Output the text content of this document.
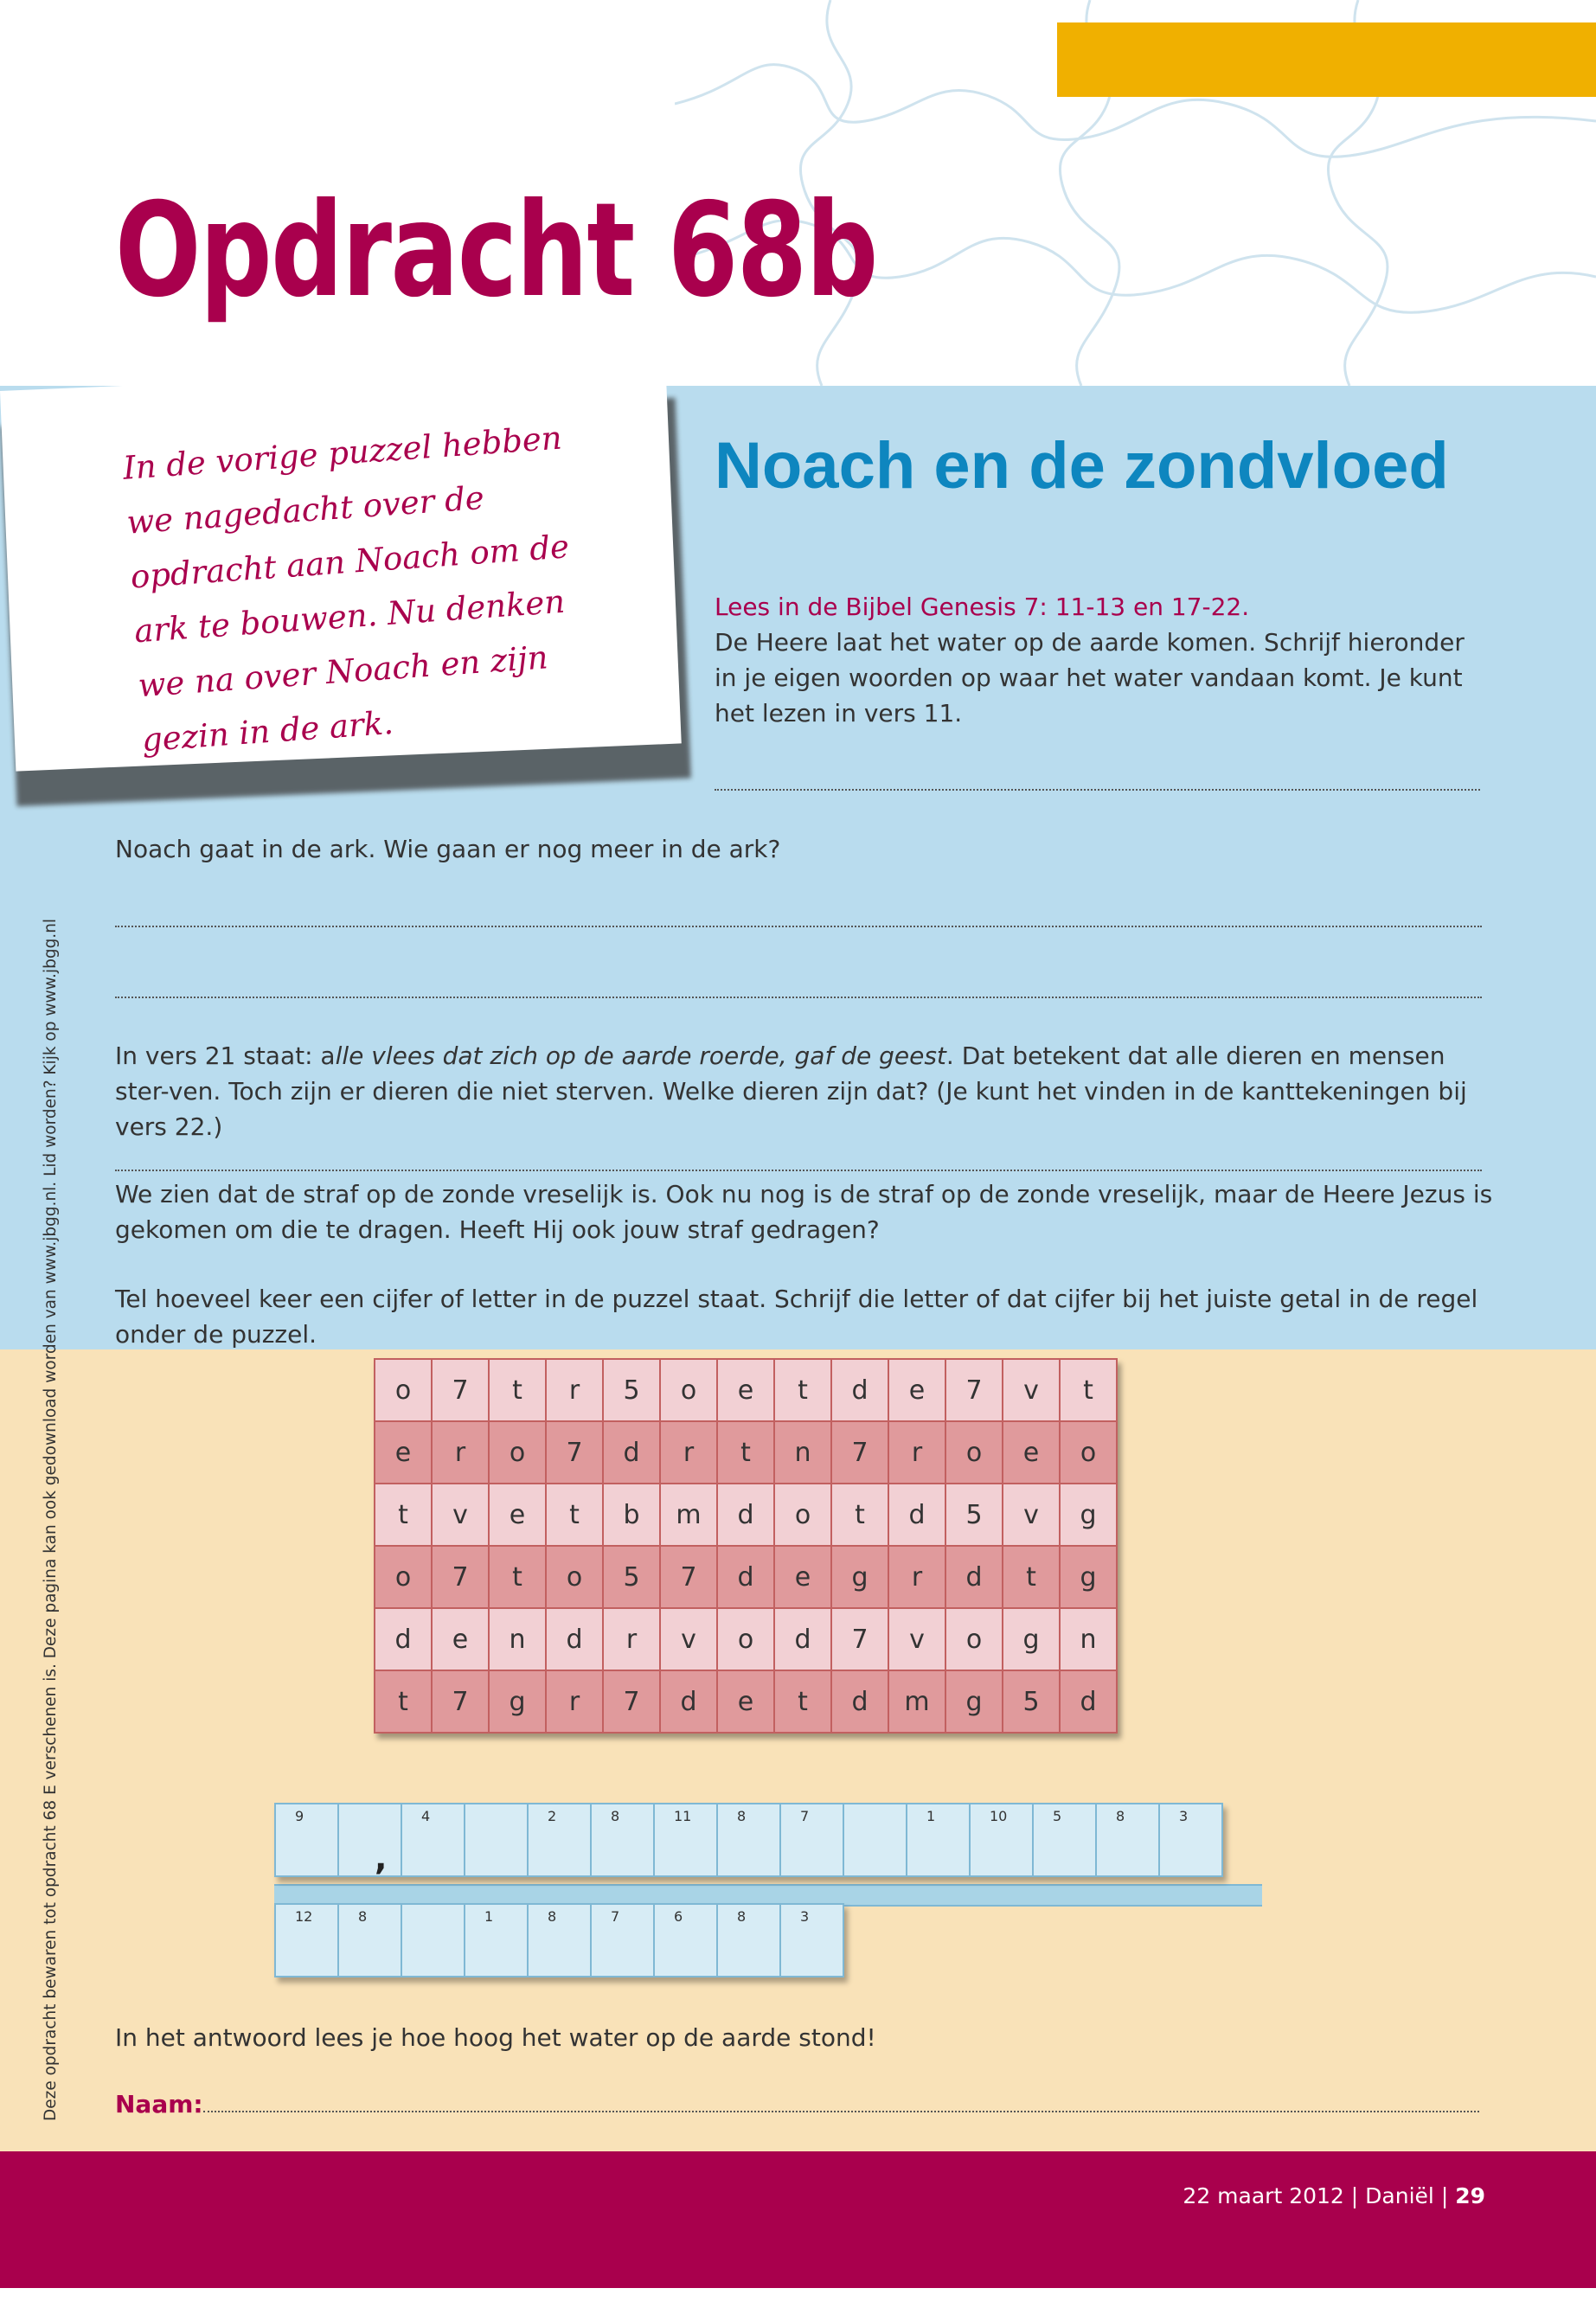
Opdracht 68b

In de vorige puzzel hebben we nagedacht over de opdracht aan Noach om de ark te bouwen. Nu denken we na over Noach en zijn gezin in de ark.

Noach en de zondvloed

Lees in de Bijbel Genesis 7: 11-13 en 17-22.

De Heere laat het water op de aarde komen. Schrijf hieronder in je eigen woorden op waar het water vandaan komt. Je kunt het lezen in vers 11.

Noach gaat in de ark. Wie gaan er nog meer in de ark?

In vers 21 staat: alle vlees dat zich op de aarde roerde, gaf de geest. Dat betekent dat alle dieren en mensen ster-ven. Toch zijn er dieren die niet sterven. Welke dieren zijn dat? (Je kunt het vinden in de kanttekeningen bij vers 22.)

We zien dat de straf op de zonde vreselijk is. Ook nu nog is de straf op de zonde vreselijk, maar de Heere Jezus is gekomen om die te dragen. Heeft Hij ook jouw straf gedragen?

Tel hoeveel keer een cijfer of letter in de puzzel staat. Schrijf die letter of dat cijfer bij het juiste getal in de regel onder de puzzel.

o	7	t	r	5	o	e	t	d	e	7	v	t
e	r	o	7	d	r	t	n	7	r	o	e	o
t	v	e	t	b	m	d	o	t	d	5	v	g
o	7	t	o	5	7	d	e	g	r	d	t	g
d	e	n	d	r	v	o	d	7	v	o	g	n
t	7	g	r	7	d	e	t	d	m	g	5	d
9		4		2	8	11	8	7		1	10	5	8	3
12	8		1	8	7	6	8	3
,

In het antwoord lees je hoe hoog het water op de aarde stond!

Naam:

Deze opdracht bewaren tot opdracht 68 E verschenen is. Deze pagina kan ook gedownload worden van www.jbgg.nl. Lid worden? Kijk op www.jbgg.nl
22 maart 2012 | Daniël | 29
